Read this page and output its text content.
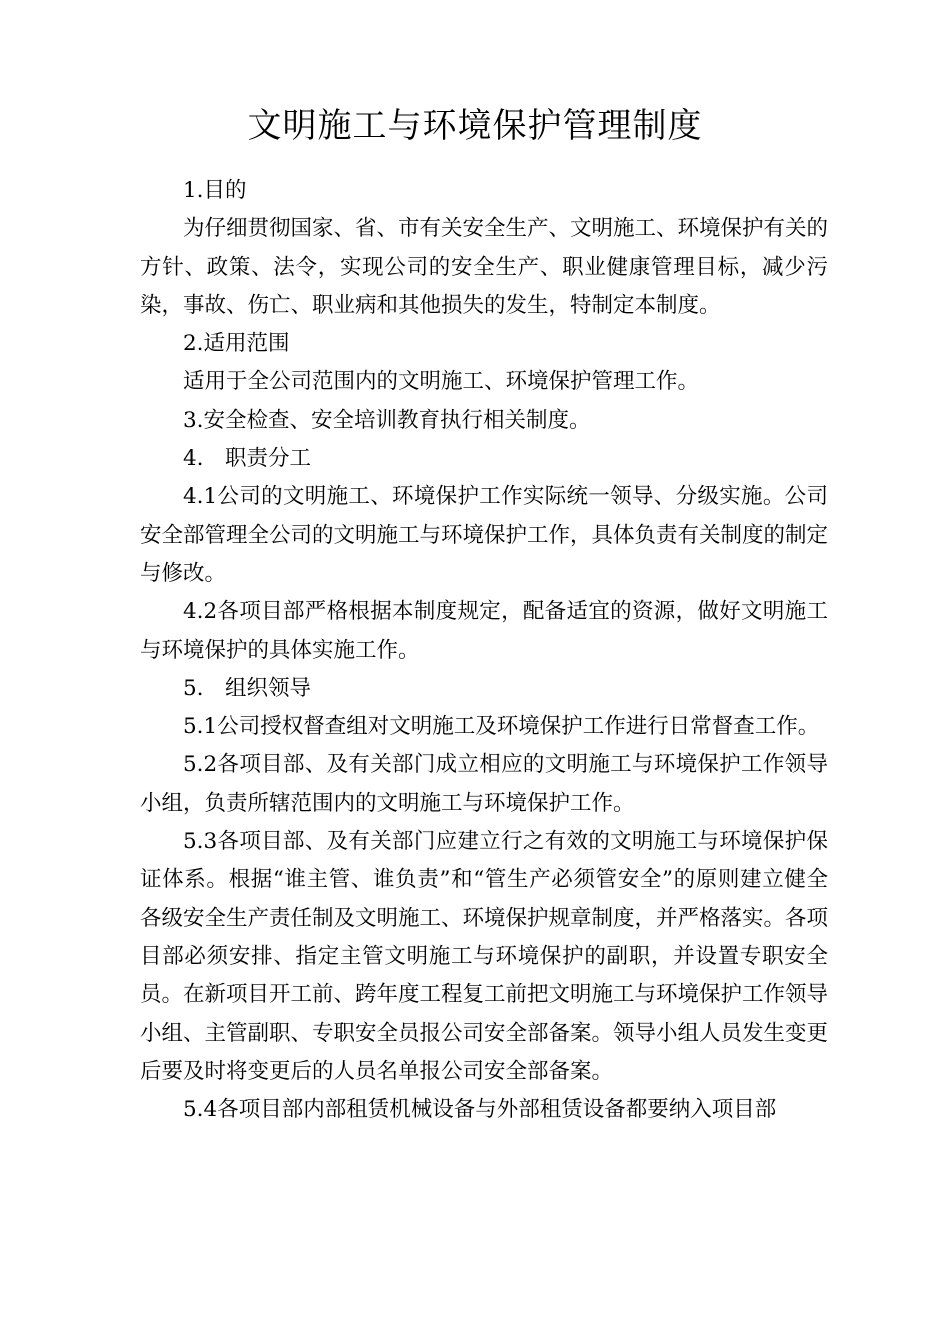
文明施工与环境保护管理制度

1.目的

为仔细贯彻国家、省、市有关安全生产、文明施工、环境保护有关的方针、政策、法令，实现公司的安全生产、职业健康管理目标，减少污染，事故、伤亡、职业病和其他损失的发生，特制定本制度。

2.适用范围

适用于全公司范围内的文明施工、环境保护管理工作。

3.安全检查、安全培训教育执行相关制度。

4.　职责分工

4.1公司的文明施工、环境保护工作实际统一领导、分级实施。公司安全部管理全公司的文明施工与环境保护工作，具体负责有关制度的制定与修改。

4.2各项目部严格根据本制度规定，配备适宜的资源，做好文明施工与环境保护的具体实施工作。

5.　组织领导

5.1公司授权督查组对文明施工及环境保护工作进行日常督查工作。

5.2各项目部、及有关部门成立相应的文明施工与环境保护工作领导小组，负责所辖范围内的文明施工与环境保护工作。

5.3各项目部、及有关部门应建立行之有效的文明施工与环境保护保证体系。根据“谁主管、谁负责”和“管生产必须管安全”的原则建立健全各级安全生产责任制及文明施工、环境保护规章制度，并严格落实。各项目部必须安排、指定主管文明施工与环境保护的副职，并设置专职安全员。在新项目开工前、跨年度工程复工前把文明施工与环境保护工作领导小组、主管副职、专职安全员报公司安全部备案。领导小组人员发生变更后要及时将变更后的人员名单报公司安全部备案。

5.4各项目部内部租赁机械设备与外部租赁设备都要纳入项目部
